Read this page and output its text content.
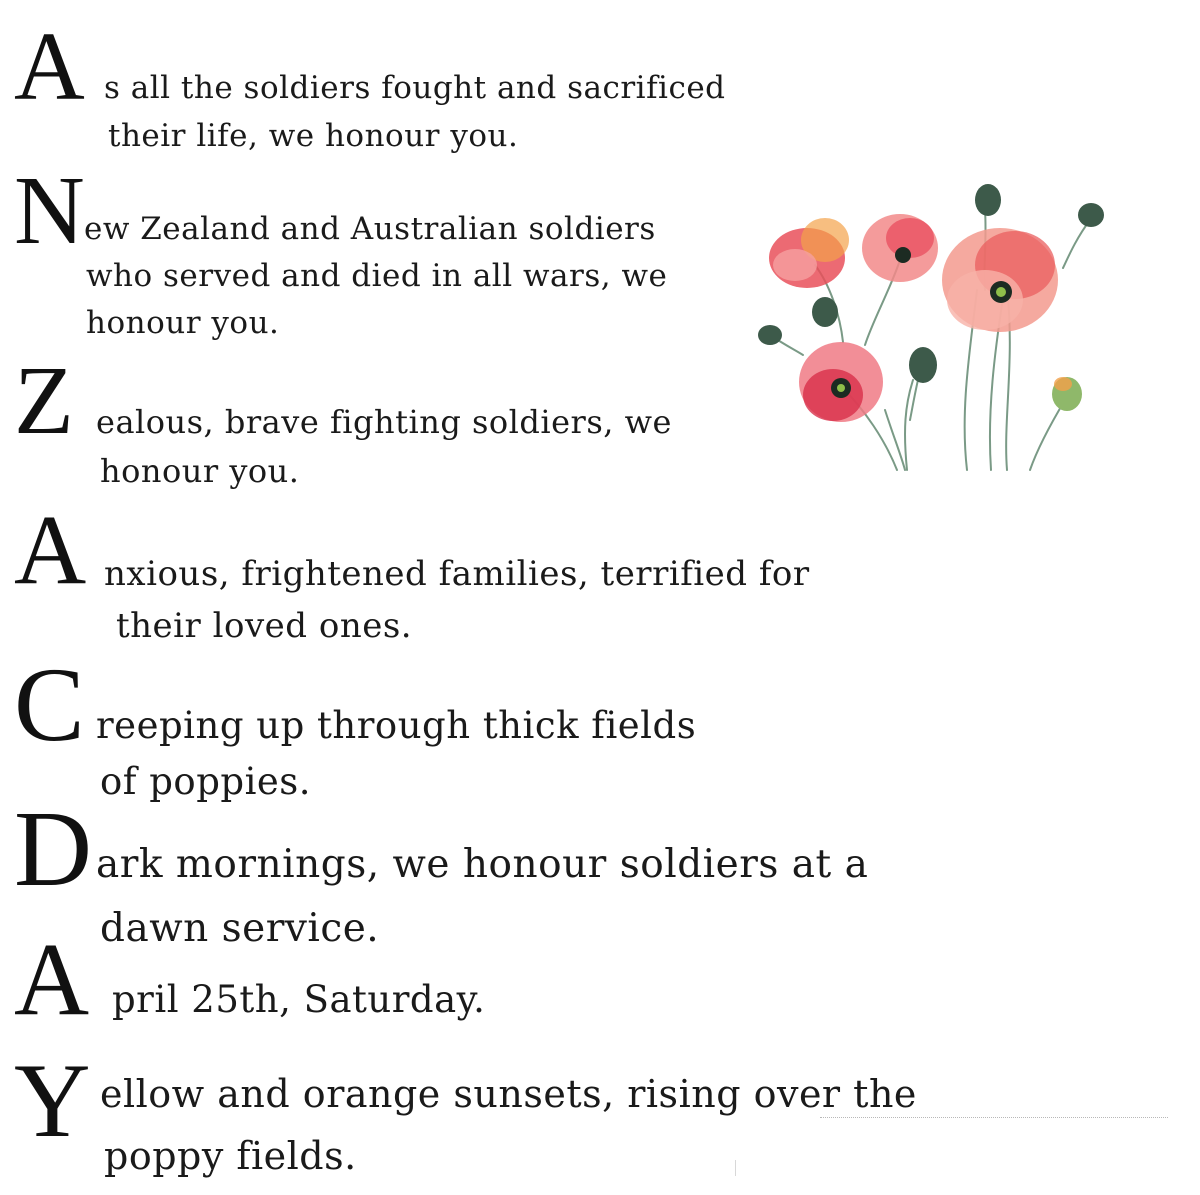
A s all the soldiers fought and sacrificed
their life, we honour you.
N ew Zealand and Australian soldiers
who served and died in all wars, we
honour you.
Z ealous, brave fighting soldiers, we
honour you.
A nxious, frightened families, terrified for
their loved ones.
C reeping up through thick fields
of poppies.
D ark mornings, we honour soldiers at a
dawn service.
A pril 25th, Saturday.
Y ellow and orange sunsets, rising over the
poppy fields.
